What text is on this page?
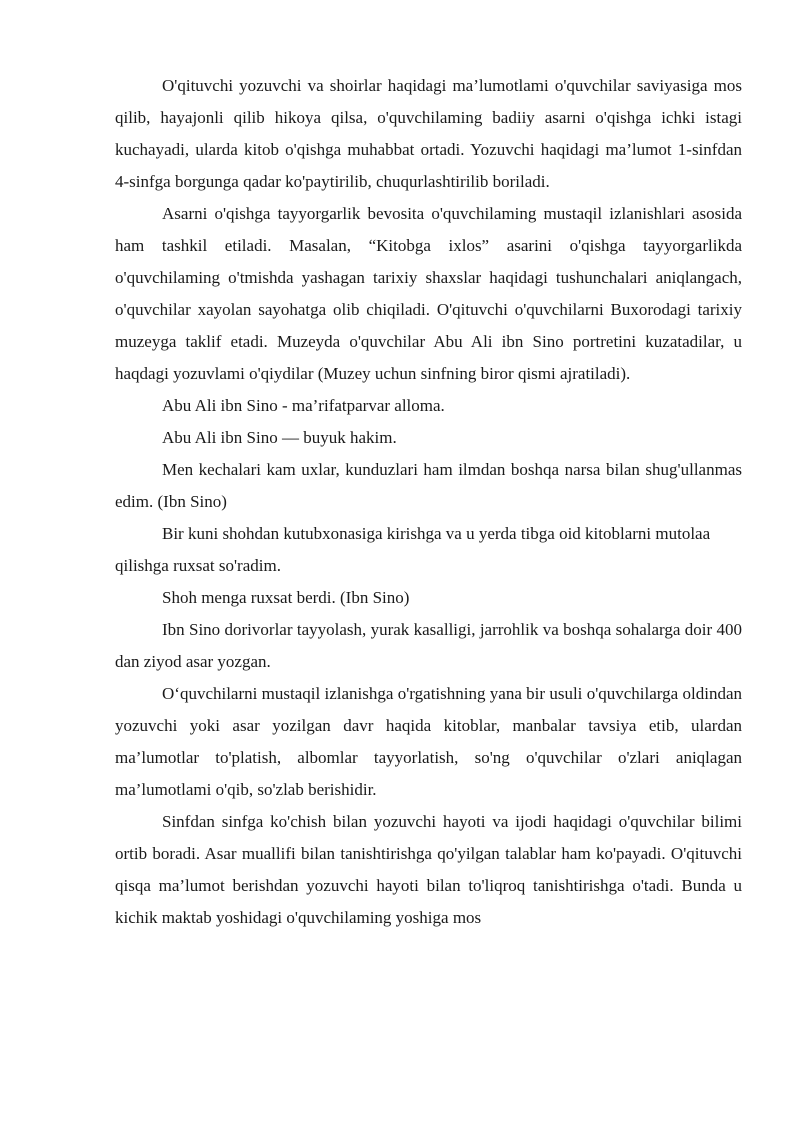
O'qituvchi yozuvchi va shoirlar haqidagi ma’lumotlami o'quvchilar saviyasiga mos qilib, hayajonli qilib hikoya qilsa, o'quvchilaming badiiy asarni o'qishga ichki istagi kuchayadi, ularda kitob o'qishga muhabbat ortadi. Yozuvchi haqidagi ma’lumot 1-sinfdan 4-sinfga borgunga qadar ko'paytirilib, chuqurlashtirilib boriladi.

Asarni o'qishga tayyorgarlik bevosita o'quvchilaming mustaqil izlanishlari asosida ham tashkil etiladi. Masalan, “Kitobga ixlos” asarini o'qishga tayyorgarlikda o'quvchilaming o'tmishda yashagan tarixiy shaxslar haqidagi tushunchalari aniqlangach, o'quvchilar xayolan sayohatga olib chiqiladi. O'qituvchi o'quvchilarni Buxorodagi tarixiy muzeyga taklif etadi. Muzeyda o'quvchilar Abu Ali ibn Sino portretini kuzatadilar, u haqdagi yozuvlami o'qiydilar (Muzey uchun sinfning biror qismi ajratiladi).

Abu Ali ibn Sino - ma’rifatparvar alloma.

Abu Ali ibn Sino — buyuk hakim.

Men kechalari kam uxlar, kunduzlari ham ilmdan boshqa narsa bilan shug'ullanmas edim. (Ibn Sino)

Bir kuni shohdan kutubxonasiga kirishga va u yerda tibga oid kitoblarni mutolaa qilishga ruxsat so'radim.

Shoh menga ruxsat berdi. (Ibn Sino)

Ibn Sino dorivorlar tayyolash, yurak kasalligi, jarrohlik va boshqa sohalarga doir 400 dan ziyod asar yozgan.

O‘quvchilarni mustaqil izlanishga o'rgatishning yana bir usuli o'quvchilarga oldindan yozuvchi yoki asar yozilgan davr haqida kitoblar, manbalar tavsiya etib, ulardan ma’lumotlar to'platish, albomlar tayyorlatish, so'ng o'quvchilar o'zlari aniqlagan ma’lumotlami o'qib, so'zlab berishidir.

Sinfdan sinfga ko'chish bilan yozuvchi hayoti va ijodi haqidagi o'quvchilar bilimi ortib boradi. Asar muallifi bilan tanishtirishga qo'yilgan talablar ham ko'payadi. O'qituvchi qisqa ma’lumot berishdan yozuvchi hayoti bilan to'liqroq tanishtirishga o'tadi. Bunda u kichik maktab yoshidagi o'quvchilaming yoshiga mos
